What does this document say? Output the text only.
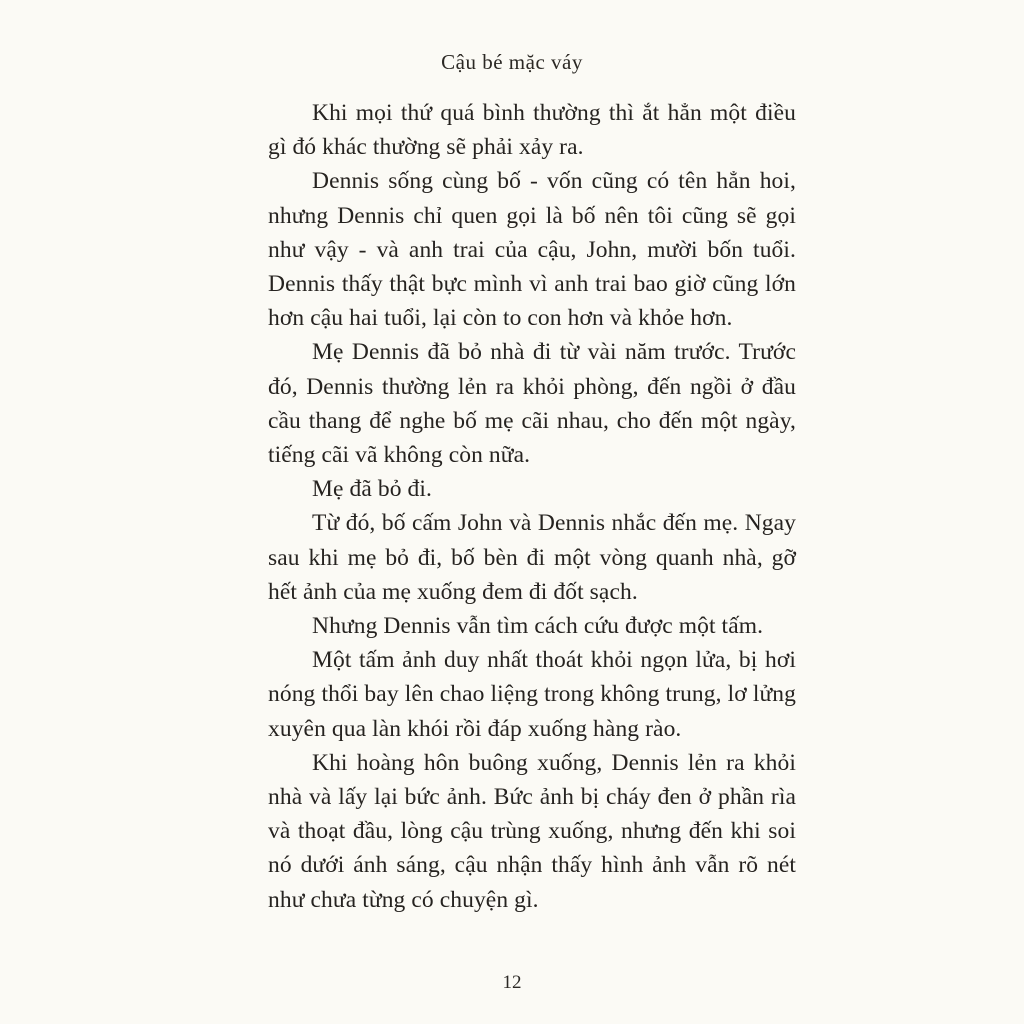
Cậu bé mặc váy

Khi mọi thứ quá bình thường thì ắt hẳn một điều gì đó khác thường sẽ phải xảy ra.

Dennis sống cùng bố - vốn cũng có tên hẳn hoi, nhưng Dennis chỉ quen gọi là bố nên tôi cũng sẽ gọi như vậy - và anh trai của cậu, John, mười bốn tuổi. Dennis thấy thật bực mình vì anh trai bao giờ cũng lớn hơn cậu hai tuổi, lại còn to con hơn và khỏe hơn.

Mẹ Dennis đã bỏ nhà đi từ vài năm trước. Trước đó, Dennis thường lẻn ra khỏi phòng, đến ngồi ở đầu cầu thang để nghe bố mẹ cãi nhau, cho đến một ngày, tiếng cãi vã không còn nữa.

Mẹ đã bỏ đi.

Từ đó, bố cấm John và Dennis nhắc đến mẹ. Ngay sau khi mẹ bỏ đi, bố bèn đi một vòng quanh nhà, gỡ hết ảnh của mẹ xuống đem đi đốt sạch.

Nhưng Dennis vẫn tìm cách cứu được một tấm.

Một tấm ảnh duy nhất thoát khỏi ngọn lửa, bị hơi nóng thổi bay lên chao liệng trong không trung, lơ lửng xuyên qua làn khói rồi đáp xuống hàng rào.

Khi hoàng hôn buông xuống, Dennis lẻn ra khỏi nhà và lấy lại bức ảnh. Bức ảnh bị cháy đen ở phần rìa và thoạt đầu, lòng cậu trùng xuống, nhưng đến khi soi nó dưới ánh sáng, cậu nhận thấy hình ảnh vẫn rõ nét như chưa từng có chuyện gì.

12
